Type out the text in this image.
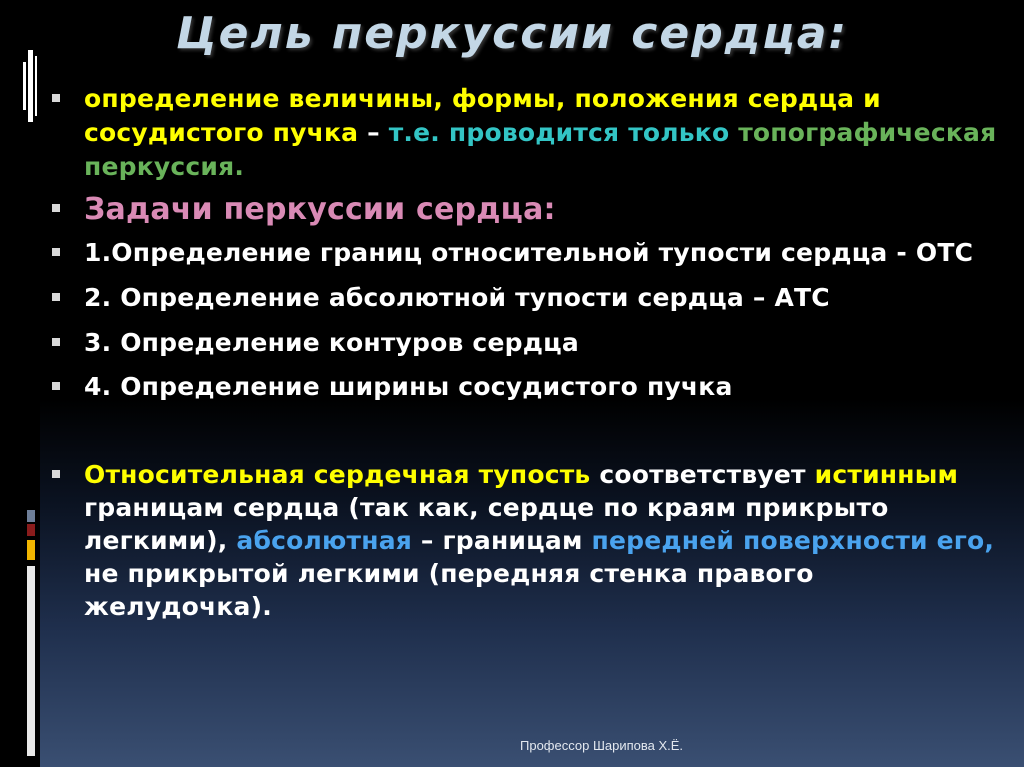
Цель перкуссии сердца:
определение величины, формы, положения сердца и сосудистого пучка – т.е. проводится только топографическая перкуссия.
Задачи перкуссии сердца:
1.Определение границ относительной тупости сердца - ОТС
2. Определение абсолютной тупости сердца – АТС
3. Определение контуров сердца
4. Определение ширины сосудистого пучка
Относительная сердечная тупость соответствует истинным границам сердца (так как, сердце по краям прикрыто легкими), абсолютная – границам передней поверхности его, не прикрытой легкими (передняя стенка правого желудочка).
Профессор Шарипова Х.Ё.
